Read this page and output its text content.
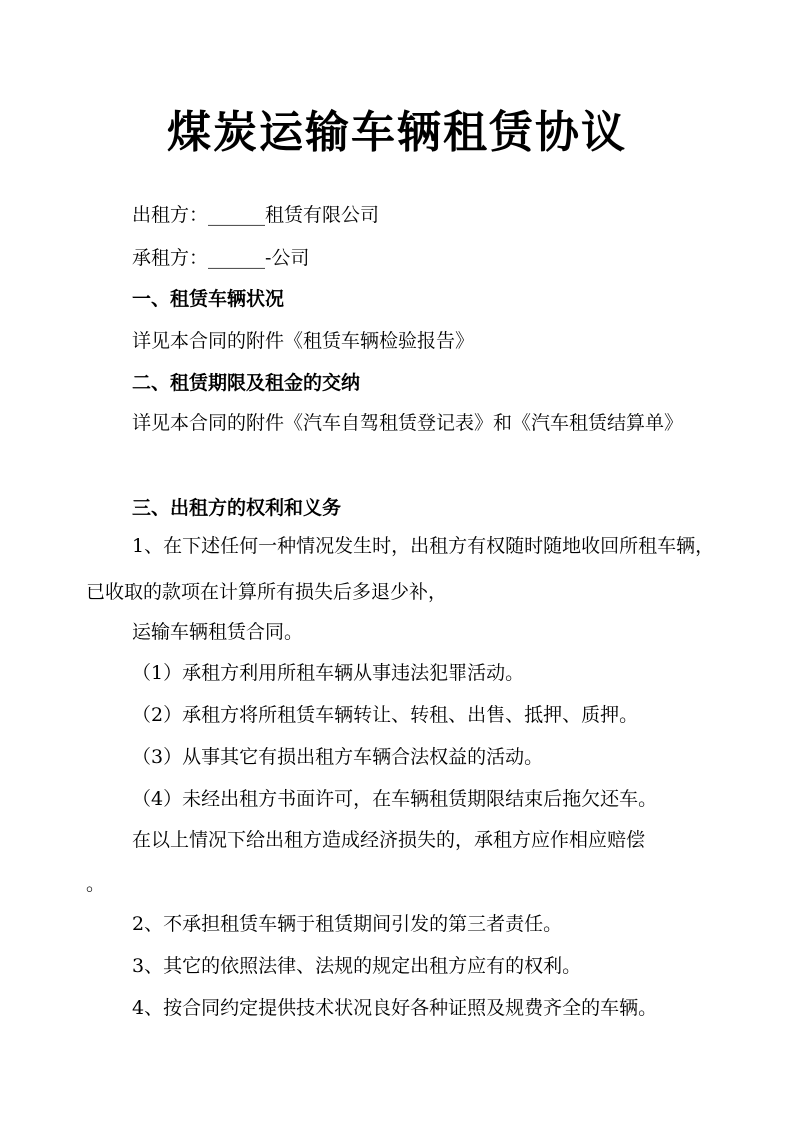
煤炭运输车辆租赁协议

出租方：______租赁有限公司

承租方：______-公司

一、租赁车辆状况

详见本合同的附件《租赁车辆检验报告》

二、租赁期限及租金的交纳

详见本合同的附件《汽车自驾租赁登记表》和《汽车租赁结算单》

三、出租方的权利和义务

1、在下述任何一种情况发生时，出租方有权随时随地收回所租车辆，已收取的款项在计算所有损失后多退少补，

运输车辆租赁合同。

（1）承租方利用所租车辆从事违法犯罪活动。

（2）承租方将所租赁车辆转让、转租、出售、抵押、质押。

（3）从事其它有损出租方车辆合法权益的活动。

（4）未经出租方书面许可，在车辆租赁期限结束后拖欠还车。

在以上情况下给出租方造成经济损失的，承租方应作相应赔偿

。

2、不承担租赁车辆于租赁期间引发的第三者责任。

3、其它的依照法律、法规的规定出租方应有的权利。

4、按合同约定提供技术状况良好各种证照及规费齐全的车辆。
